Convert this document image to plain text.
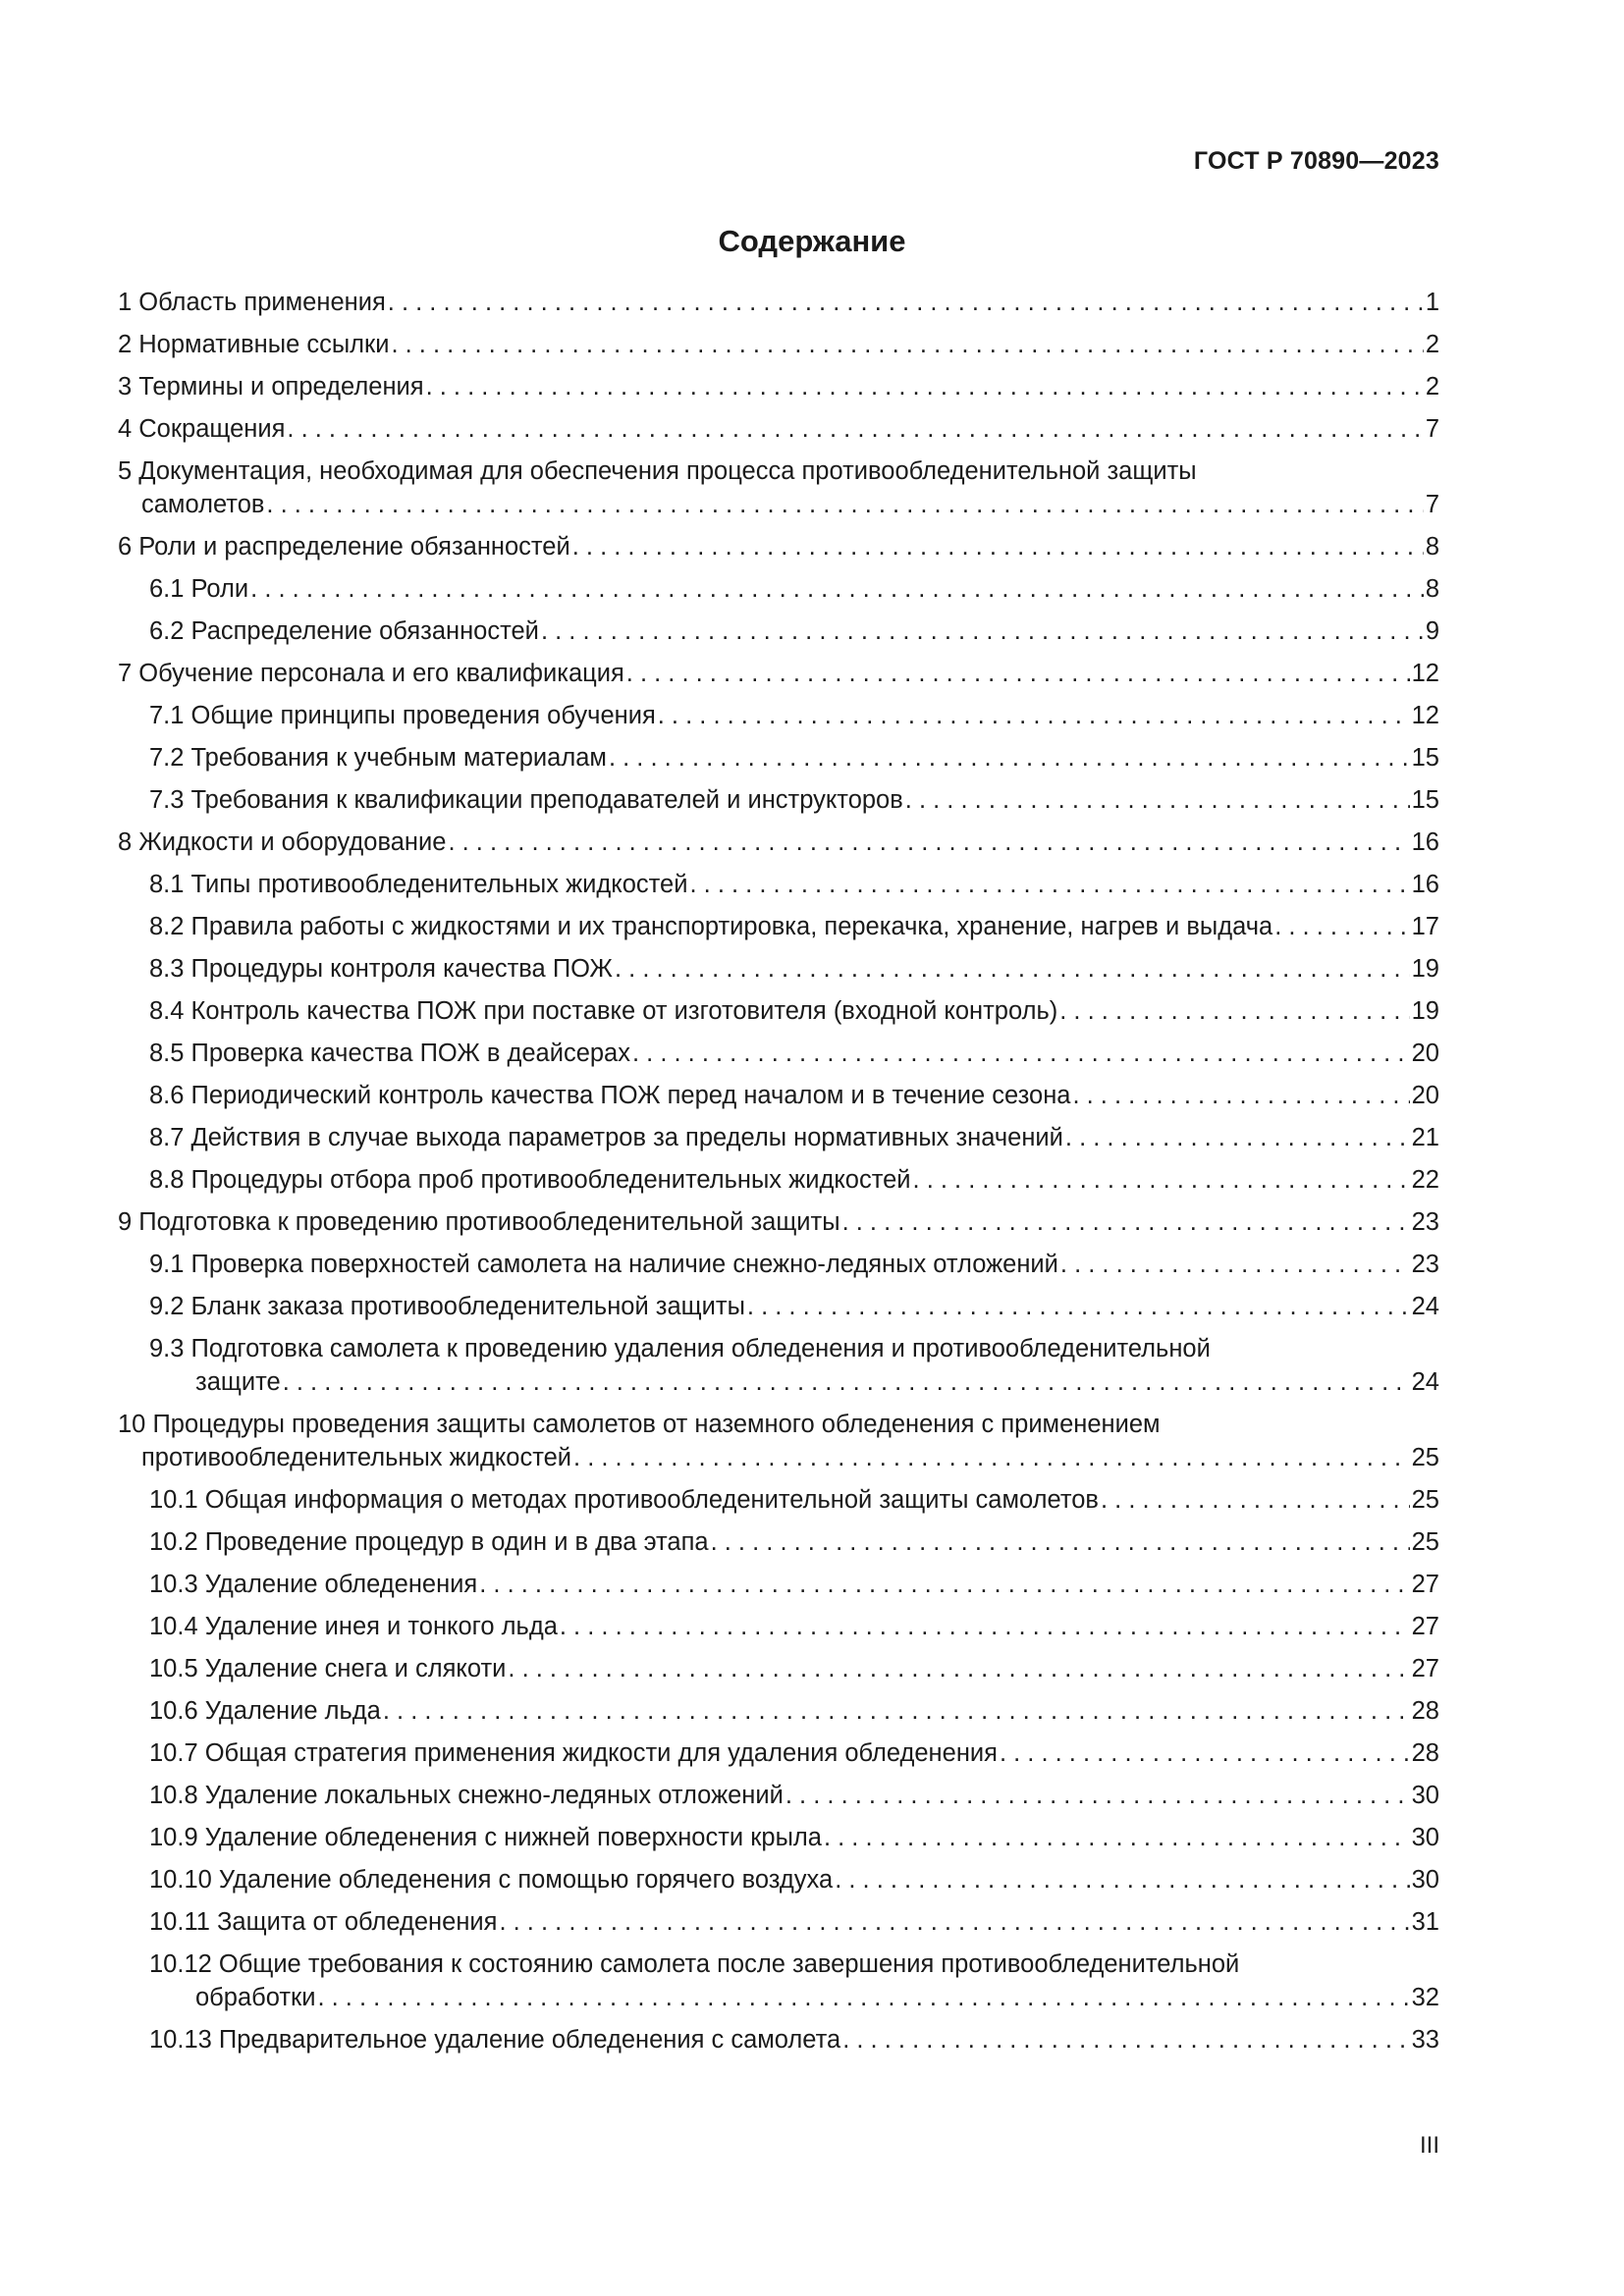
ГОСТ Р 70890—2023
Содержание
1 Область применения . . .	1
2 Нормативные ссылки . . .	2
3 Термины и определения . . .	2
4 Сокращения . . .	7
5 Документация, необходимая для обеспечения процесса противообледенительной защиты
самолетов . . .	7
6 Роли и распределение обязанностей . . .	8
6.1 Роли . . .	8
6.2 Распределение обязанностей . . .	9
7 Обучение персонала и его квалификация . . .	12
7.1 Общие принципы проведения обучения . . .	12
7.2 Требования к учебным материалам . . .	15
7.3 Требования к квалификации преподавателей и инструкторов . . .	15
8 Жидкости и оборудование . . .	16
8.1 Типы противообледенительных жидкостей . . .	16
8.2 Правила работы с жидкостями и их транспортировка, перекачка, хранение, нагрев и выдача . . .	17
8.3 Процедуры контроля качества ПОЖ . . .	19
8.4 Контроль качества ПОЖ при поставке от изготовителя (входной контроль) . . .	19
8.5 Проверка качества ПОЖ в деайсерах . . .	20
8.6 Периодический контроль качества ПОЖ перед началом и в течение сезона . . .	20
8.7 Действия в случае выхода параметров за пределы нормативных значений . . .	21
8.8 Процедуры отбора проб противообледенительных жидкостей . . .	22
9 Подготовка к проведению противообледенительной защиты . . .	23
9.1 Проверка поверхностей самолета на наличие снежно-ледяных отложений . . .	23
9.2 Бланк заказа противообледенительной защиты . . .	24
9.3 Подготовка самолета к проведению удаления обледенения и противообледенительной
защите . . .	24
10 Процедуры проведения защиты самолетов от наземного обледенения с применением
противообледенительных жидкостей . . .	25
10.1 Общая информация о методах противообледенительной защиты самолетов . . .	25
10.2 Проведение процедур в один и в два этапа . . .	25
10.3 Удаление обледенения . . .	27
10.4 Удаление инея и тонкого льда . . .	27
10.5 Удаление снега и слякоти . . .	27
10.6 Удаление льда . . .	28
10.7 Общая стратегия применения жидкости для удаления обледенения . . .	28
10.8 Удаление локальных снежно-ледяных отложений . . .	30
10.9 Удаление обледенения с нижней поверхности крыла . . .	30
10.10 Удаление обледенения с помощью горячего воздуха . . .	30
10.11 Защита от обледенения . . .	31
10.12 Общие требования к состоянию самолета после завершения противообледенительной
обработки . . .	32
10.13 Предварительное удаление обледенения с самолета . . .	33
III
